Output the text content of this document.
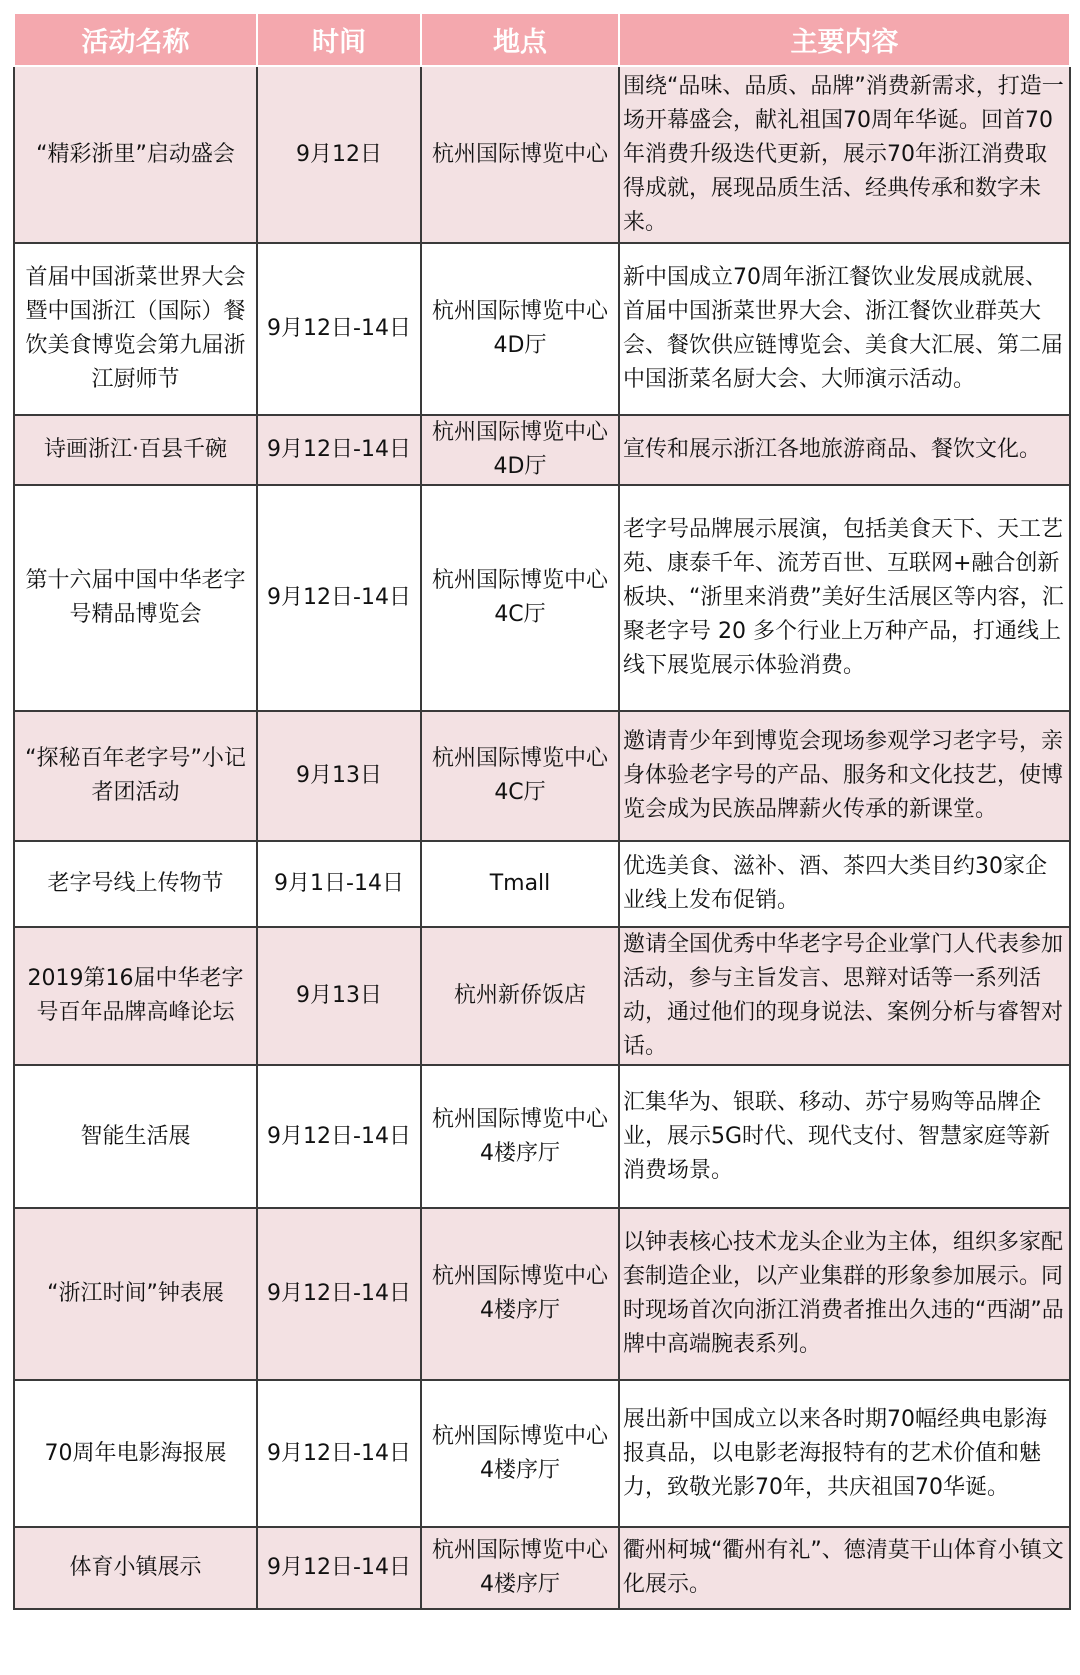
活动名称	时间	地点	主要内容
“精彩浙里”启动盛会	9月12日	杭州国际博览中心	围绕“品味、品质、品牌”消费新需求，打造一场开幕盛会，献礼祖国70周年华诞。回首70年消费升级迭代更新，展示70年浙江消费取得成就，展现品质生活、经典传承和数字未来。
首届中国浙菜世界大会暨中国浙江（国际）餐饮美食博览会第九届浙江厨师节	9月12日-14日	杭州国际博览中心4D厅	新中国成立70周年浙江餐饮业发展成就展、首届中国浙菜世界大会、浙江餐饮业群英大会、餐饮供应链博览会、美食大汇展、第二届中国浙菜名厨大会、大师演示活动。
诗画浙江·百县千碗	9月12日-14日	杭州国际博览中心4D厅	宣传和展示浙江各地旅游商品、餐饮文化。
第十六届中国中华老字号精品博览会	9月12日-14日	杭州国际博览中心4C厅	老字号品牌展示展演，包括美食天下、天工艺苑、康泰千年、流芳百世、互联网+融合创新板块、“浙里来消费”美好生活展区等内容，汇聚老字号 20 多个行业上万种产品，打通线上线下展览展示体验消费。
“探秘百年老字号”小记者团活动	9月13日	杭州国际博览中心4C厅	邀请青少年到博览会现场参观学习老字号，亲身体验老字号的产品、服务和文化技艺，使博览会成为民族品牌薪火传承的新课堂。
老字号线上传物节	9月1日-14日	Tmall	优选美食、滋补、酒、茶四大类目约30家企业线上发布促销。
2019第16届中华老字号百年品牌高峰论坛	9月13日	杭州新侨饭店	邀请全国优秀中华老字号企业掌门人代表参加活动，参与主旨发言、思辩对话等一系列活动，通过他们的现身说法、案例分析与睿智对话。
智能生活展	9月12日-14日	杭州国际博览中心4楼序厅	汇集华为、银联、移动、苏宁易购等品牌企业，展示5G时代、现代支付、智慧家庭等新消费场景。
“浙江时间”钟表展	9月12日-14日	杭州国际博览中心4楼序厅	以钟表核心技术龙头企业为主体，组织多家配套制造企业，以产业集群的形象参加展示。同时现场首次向浙江消费者推出久违的“西湖”品牌中高端腕表系列。
70周年电影海报展	9月12日-14日	杭州国际博览中心4楼序厅	展出新中国成立以来各时期70幅经典电影海报真品，以电影老海报特有的艺术价值和魅力，致敬光影70年，共庆祖国70华诞。
体育小镇展示	9月12日-14日	杭州国际博览中心4楼序厅	衢州柯城“衢州有礼”、德清莫干山体育小镇文化展示。
